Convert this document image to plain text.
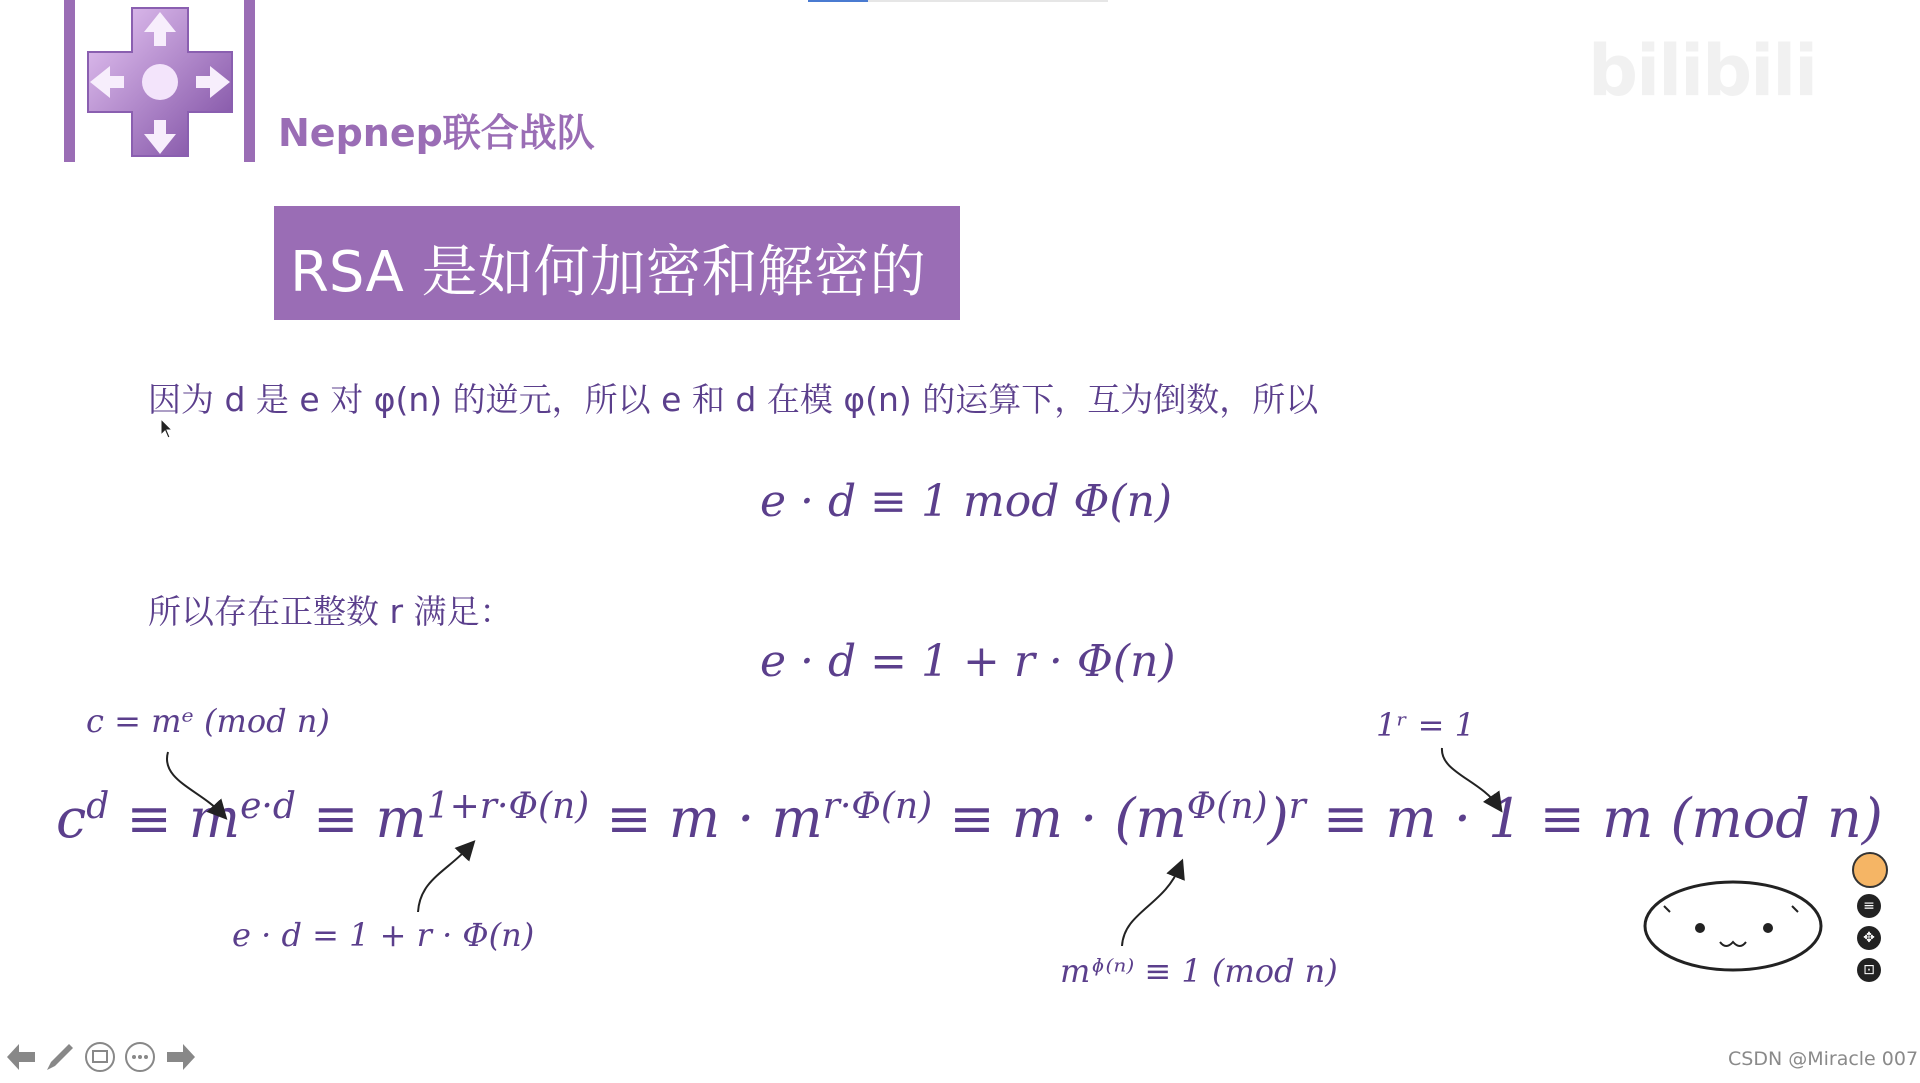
Nepnep联合战队
bilibili
RSA 是如何加密和解密的
因为 d 是 e 对 φ(n) 的逆元，所以 e 和 d 在模 φ(n) 的运算下，互为倒数，所以
e · d ≡ 1 mod Φ(n)
所以存在正整数 r 满足：
e · d = 1 + r · Φ(n)
c = mᵉ (mod n)	1ʳ = 1
e · d = 1 + r · Φ(n)
mᶲ⁽ⁿ⁾ ≡ 1 (mod n)
$c^d \equiv m^{e\cdot d} \equiv m^{1+r\cdot\Phi(n)} \equiv m \cdot m^{r\cdot\Phi(n)} \equiv m \cdot (m^{\Phi(n)})^r \equiv m \cdot 1 \equiv m$ (mod n)
≡
✥
⊡
CSDN @Miracle 007
